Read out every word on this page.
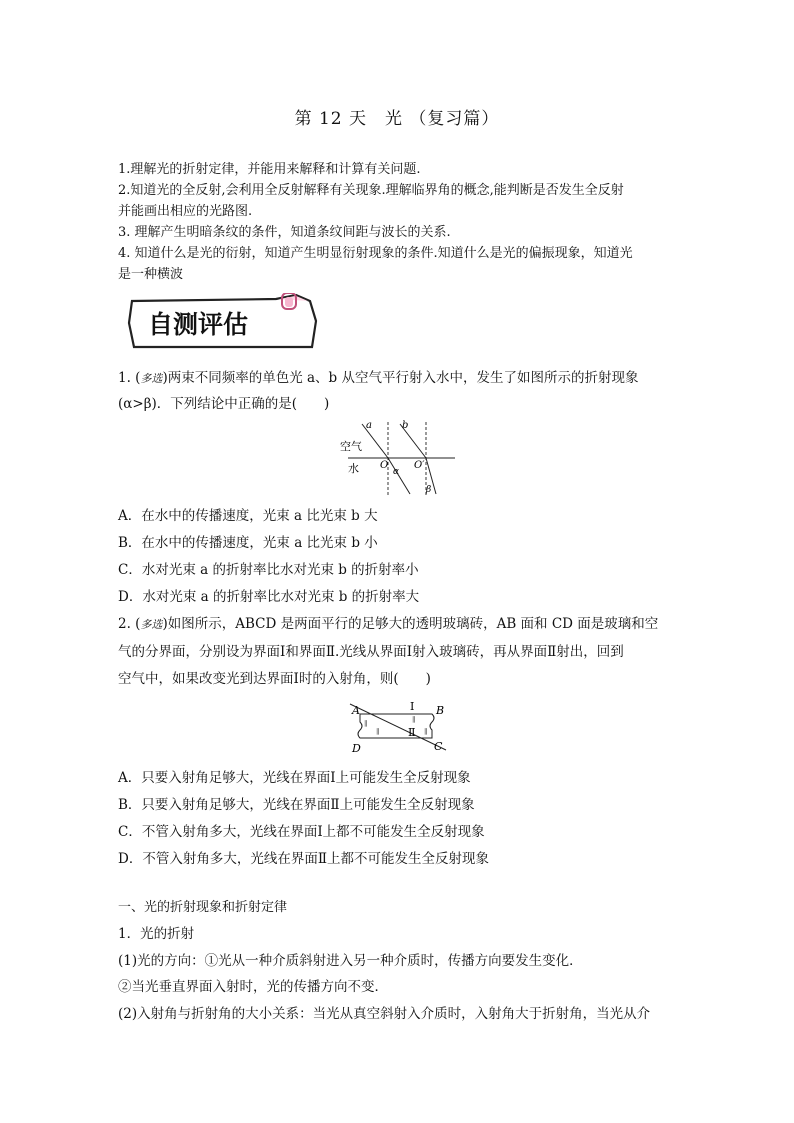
第 12 天　光 （复习篇）
1.理解光的折射定律，并能用来解释和计算有关问题.
2.知道光的全反射,会利用全反射解释有关现象.理解临界角的概念,能判断是否发生全反射
并能画出相应的光路图.
3. 理解产生明暗条纹的条件，知道条纹间距与波长的关系.
4. 知道什么是光的衍射，知道产生明显衍射现象的条件.知道什么是光的偏振现象，知道光
是一种横波
自测评估
1. (多选)两束不同频率的单色光 a、b 从空气平行射入水中，发生了如图所示的折射现象
(α>β)．下列结论中正确的是(　　)
空气
水
a	b
O	O′
α
β
A．在水中的传播速度，光束 a 比光束 b 大
B．在水中的传播速度，光束 a 比光束 b 小
C．水对光束 a 的折射率比水对光束 b 的折射率小
D．水对光束 a 的折射率比水对光束 b 的折射率大
2. (多选)如图所示，ABCD 是两面平行的足够大的透明玻璃砖，AB 面和 CD 面是玻璃和空
气的分界面，分别设为界面Ⅰ和界面Ⅱ.光线从界面Ⅰ射入玻璃砖，再从界面Ⅱ射出，回到
空气中，如果改变光到达界面Ⅰ时的入射角，则(　　)
∥
∥
∥
∥
A	B
C
D
Ⅰ
Ⅱ
A．只要入射角足够大，光线在界面Ⅰ上可能发生全反射现象
B．只要入射角足够大，光线在界面Ⅱ上可能发生全反射现象
C．不管入射角多大，光线在界面Ⅰ上都不可能发生全反射现象
D．不管入射角多大，光线在界面Ⅱ上都不可能发生全反射现象
一、光的折射现象和折射定律
1．光的折射
(1)光的方向：①光从一种介质斜射进入另一种介质时，传播方向要发生变化．
②当光垂直界面入射时，光的传播方向不变．
(2)入射角与折射角的大小关系：当光从真空斜射入介质时，入射角大于折射角，当光从介
